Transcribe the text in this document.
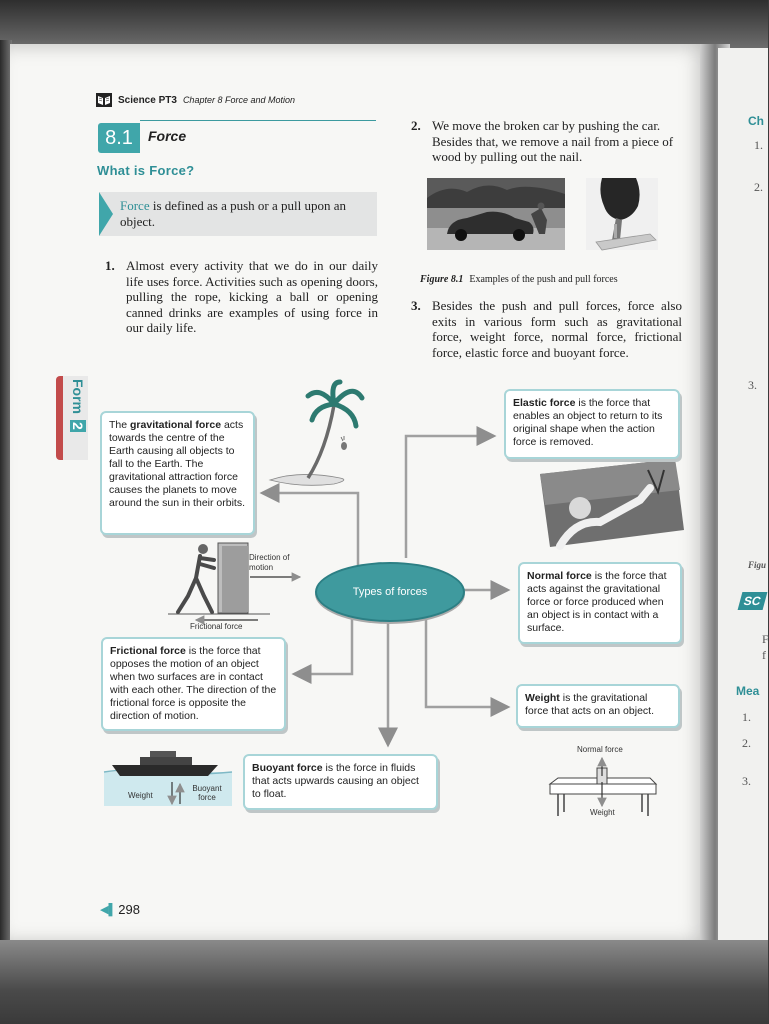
Ch
1.
2.
3.
Figu
SC
F
f
Mea
1.
2.
3.
Science PT3 Chapter 8 Force and Motion
8.1	Force
What is Force?
Force is defined as a push or a pull upon an object.
1. Almost every activity that we do in our daily life uses force. Activities such as opening doors, pulling the rope, kicking a ball or opening canned drinks are examples of using force in our daily life.
2. We move the broken car by pushing the car. Besides that, we remove a nail from a piece of wood by pulling out the nail.
3. Besides the push and pull forces, force also exits in various form such as gravitational force, weight force, normal force, frictional force, elastic force and buoyant force.
Figure 8.1 Examples of the push and pull forces
Form2
Types of forces
The gravitational force acts towards the centre of the Earth causing all objects to fall to the Earth. The gravitational attraction force causes the planets to move around the sun in their orbits.
Elastic force is the force that enables an object to return to its original shape when the action force is removed.
Normal force is the force that acts against the gravitational force or force produced when an object is in contact with a surface.
Weight is the gravitational force that acts on an object.
Frictional force is the force that opposes the motion of an object when two surfaces are in contact with each other. The direction of the frictional force is opposite the direction of motion.
Buoyant force is the force in fluids that acts upwards causing an object to float.
Direction of motion
Frictional force
Weight
Buoyant force
Normal force
Weight
◀▌ 298
